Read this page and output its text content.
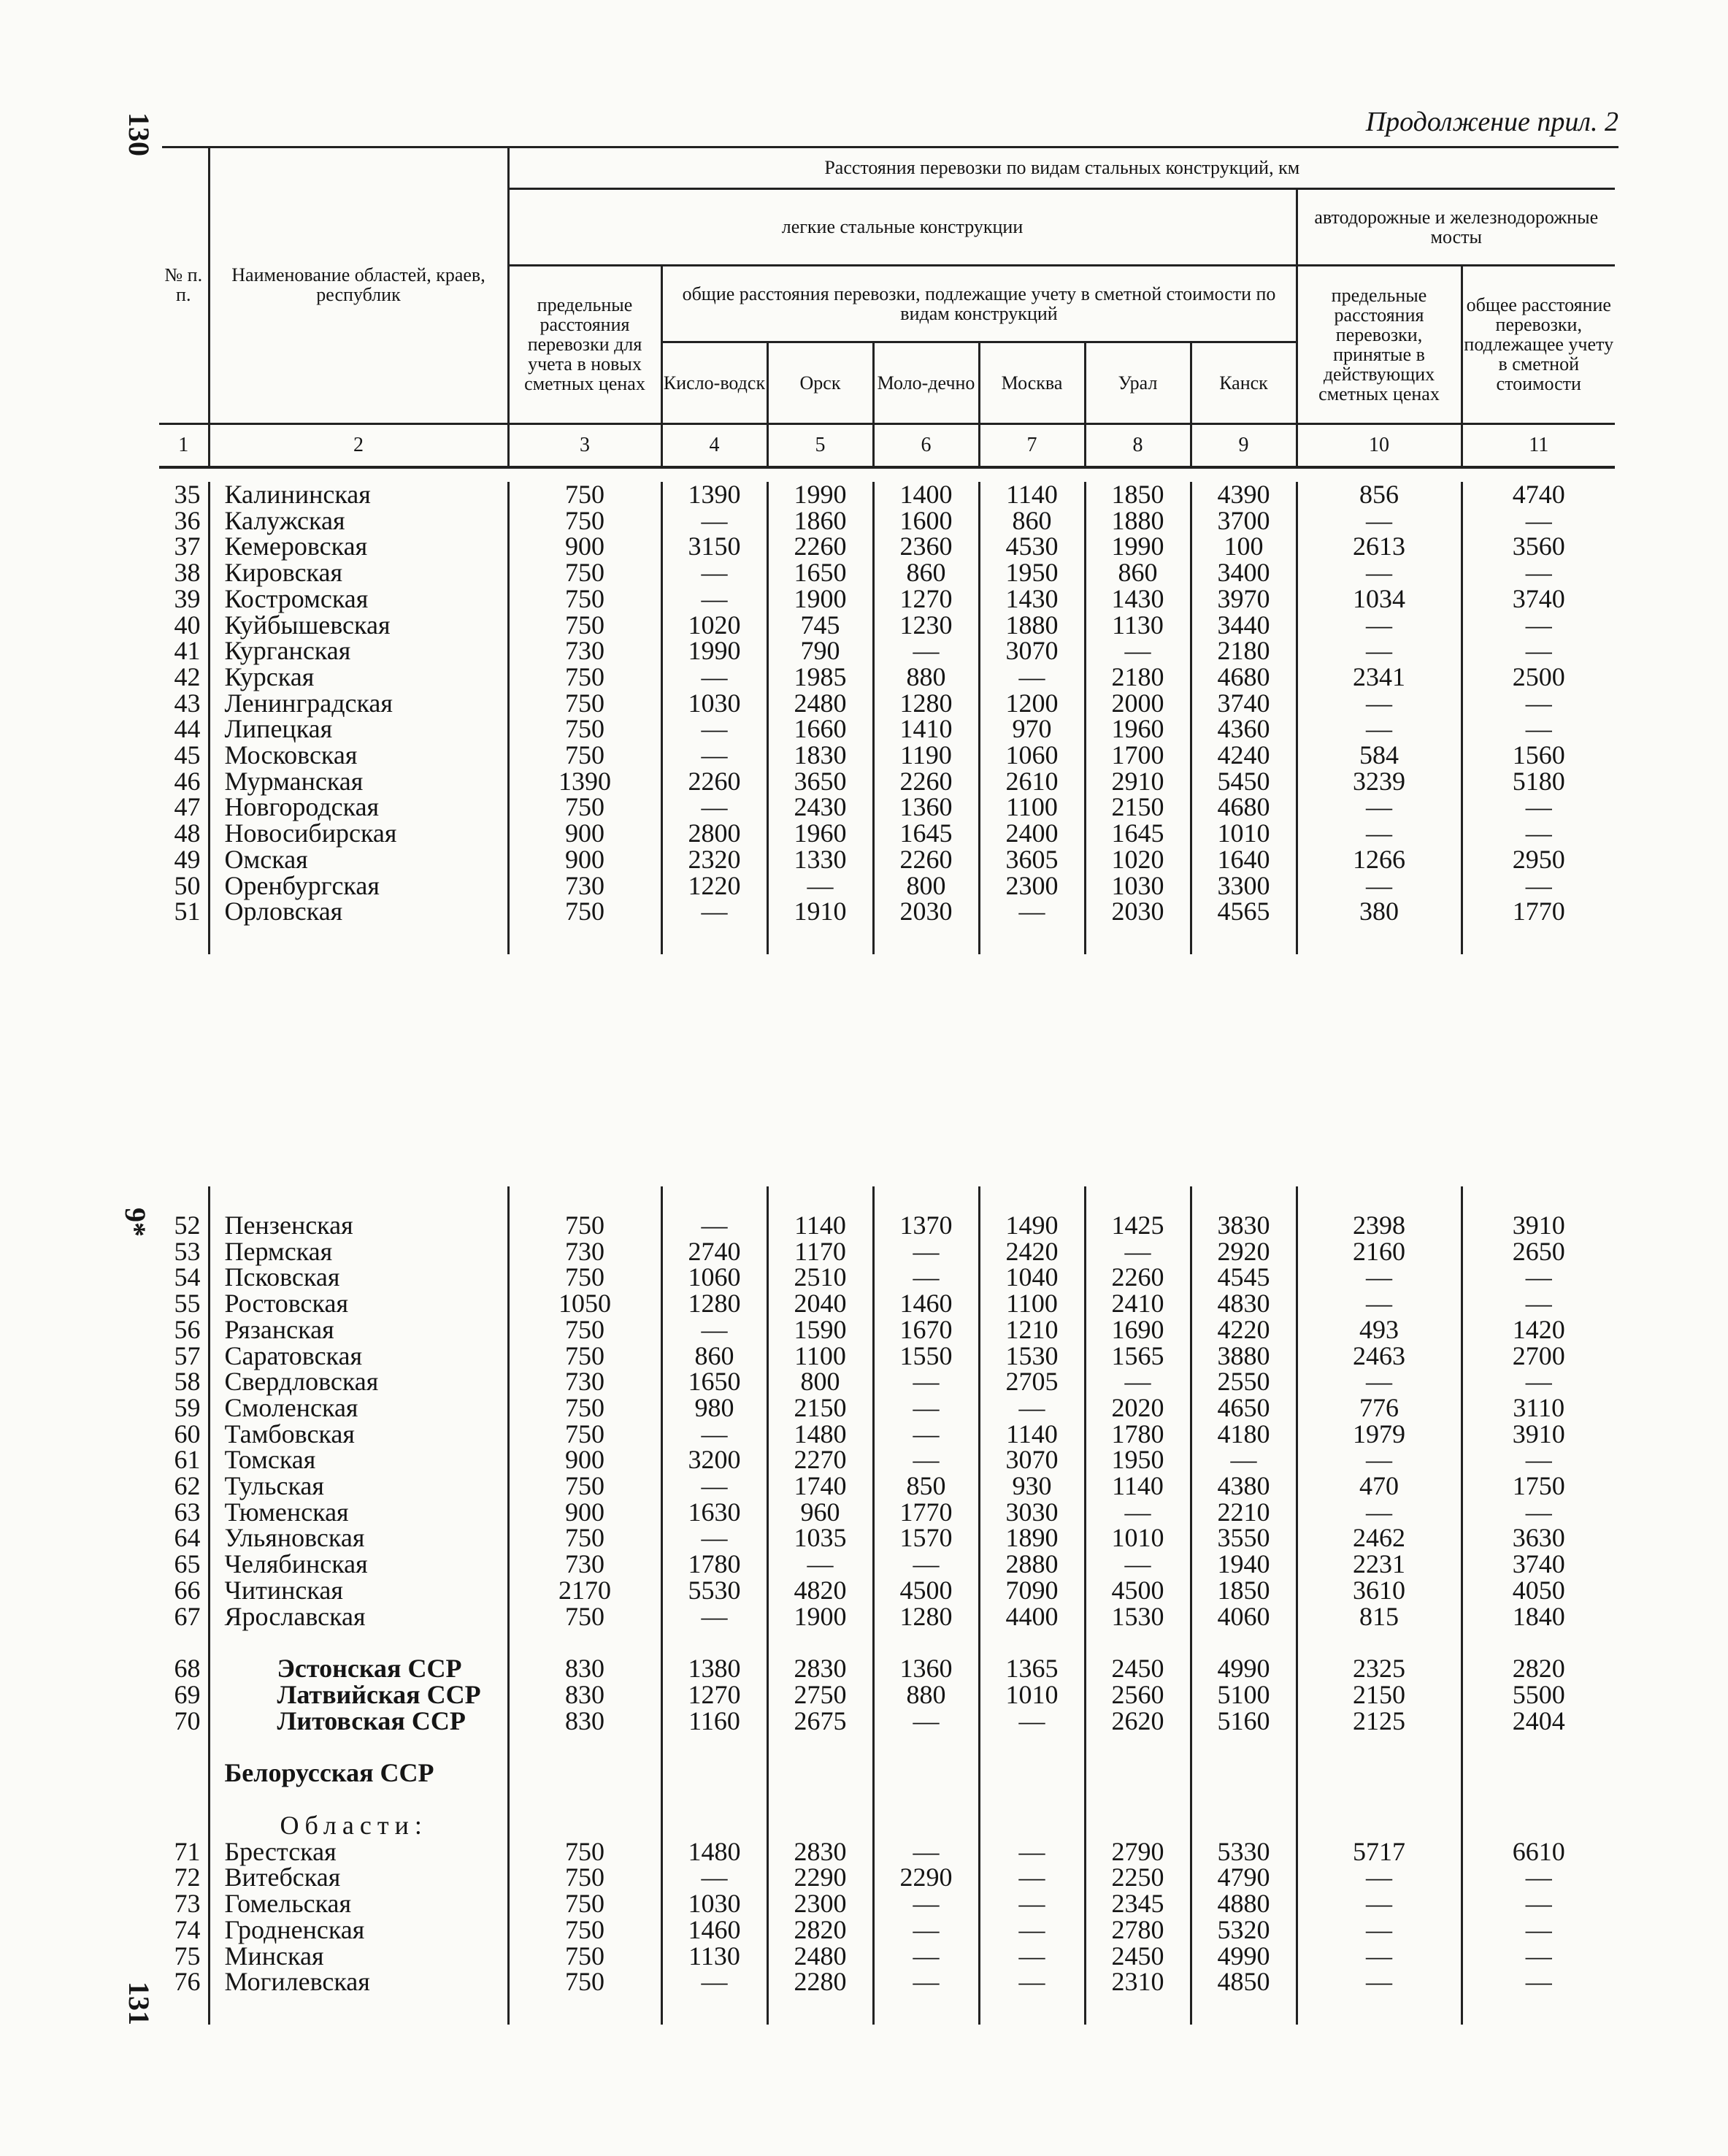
130
9*
131
Продолжение прил. 2
№ п. п.	Наименование областей, краев, республик	Расстояния перевозки по видам стальных конструкций, км								
		легкие стальные конструкции							автодорожные и железнодорожные мосты	
		предельные расстояния перевозки для учета в новых сметных ценах	общие расстояния перевозки, подлежащие учету в сметной стоимости по видам конструкций						предельные расстояния перевозки, принятые в действующих сметных ценах	общее расстояние перевозки, подлежащее учету в сметной стоимости
			Кисло-водск	Орск	Моло-дечно	Москва	Урал	Канск		
1	2	3	4	5	6	7	8	9	10	11
35	Калининская	750	1390	1990	1400	1140	1850	4390	856	4740
36	Калужская	750	—	1860	1600	860	1880	3700	—	—
37	Кемеровская	900	3150	2260	2360	4530	1990	100	2613	3560
38	Кировская	750	—	1650	860	1950	860	3400	—	—
39	Костромская	750	—	1900	1270	1430	1430	3970	1034	3740
40	Куйбышевская	750	1020	745	1230	1880	1130	3440	—	—
41	Курганская	730	1990	790	—	3070	—	2180	—	—
42	Курская	750	—	1985	880	—	2180	4680	2341	2500
43	Ленинградская	750	1030	2480	1280	1200	2000	3740	—	—
44	Липецкая	750	—	1660	1410	970	1960	4360	—	—
45	Московская	750	—	1830	1190	1060	1700	4240	584	1560
46	Мурманская	1390	2260	3650	2260	2610	2910	5450	3239	5180
47	Новгородская	750	—	2430	1360	1100	2150	4680	—	—
48	Новосибирская	900	2800	1960	1645	2400	1645	1010	—	—
49	Омская	900	2320	1330	2260	3605	1020	1640	1266	2950
50	Оренбургская	730	1220	—	800	2300	1030	3300	—	—
51	Орловская	750	—	1910	2030	—	2030	4565	380	1770

52	Пензенская	750	—	1140	1370	1490	1425	3830	2398	3910
53	Пермская	730	2740	1170	—	2420	—	2920	2160	2650
54	Псковская	750	1060	2510	—	1040	2260	4545	—	—
55	Ростовская	1050	1280	2040	1460	1100	2410	4830	—	—
56	Рязанская	750	—	1590	1670	1210	1690	4220	493	1420
57	Саратовская	750	860	1100	1550	1530	1565	3880	2463	2700
58	Свердловская	730	1650	800	—	2705	—	2550	—	—
59	Смоленская	750	980	2150	—	—	2020	4650	776	3110
60	Тамбовская	750	—	1480	—	1140	1780	4180	1979	3910
61	Томская	900	3200	2270	—	3070	1950	—	—	—
62	Тульская	750	—	1740	850	930	1140	4380	470	1750
63	Тюменская	900	1630	960	1770	3030	—	2210	—	—
64	Ульяновская	750	—	1035	1570	1890	1010	3550	2462	3630
65	Челябинская	730	1780	—	—	2880	—	1940	2231	3740
66	Читинская	2170	5530	4820	4500	7090	4500	1850	3610	4050
67	Ярославская	750	—	1900	1280	4400	1530	4060	815	1840

68	Эстонская ССР	830	1380	2830	1360	1365	2450	4990	2325	2820
69	Латвийская ССР	830	1270	2750	880	1010	2560	5100	2150	5500
70	Литовская ССР	830	1160	2675	—	—	2620	5160	2125	2404

	Белорусская ССР									

	Области:									
71	Брестская	750	1480	2830	—	—	2790	5330	5717	6610
72	Витебская	750	—	2290	2290	—	2250	4790	—	—
73	Гомельская	750	1030	2300	—	—	2345	4880	—	—
74	Гродненская	750	1460	2820	—	—	2780	5320	—	—
75	Минская	750	1130	2480	—	—	2450	4990	—	—
76	Могилевская	750	—	2280	—	—	2310	4850	—	—
